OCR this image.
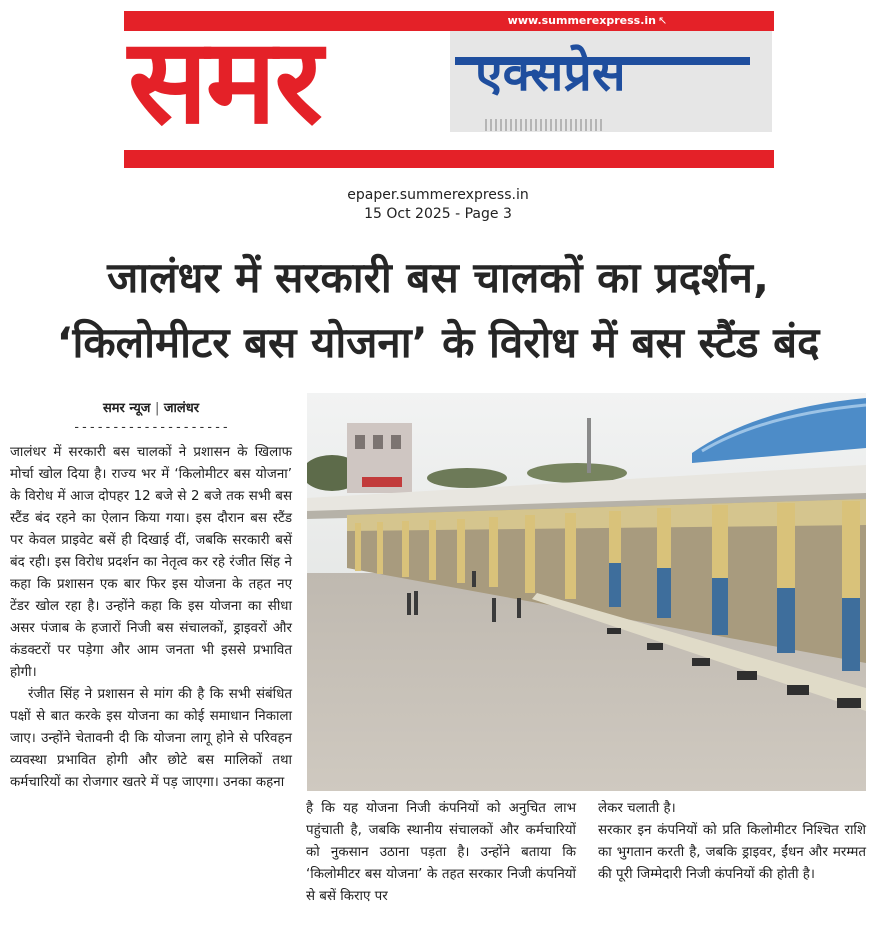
समर	एक्सप्रेस
www.summerexpress.in ↖
epaper.summerexpress.in
15 Oct 2025 - Page 3
जालंधर में सरकारी बस चालकों का प्रदर्शन,
‘किलोमीटर बस योजना’ के विरोध में बस स्टैंड बंद
समर न्यूज | जालंधर
--------------------

जालंधर में सरकारी बस चालकों ने प्रशासन के खिलाफ मोर्चा खोल दिया है। राज्य भर में ‘किलोमीटर बस योजना’ के विरोध में आज दोपहर 12 बजे से 2 बजे तक सभी बस स्टैंड बंद रहने का ऐलान किया गया। इस दौरान बस स्टैंड पर केवल प्राइवेट बसें ही दिखाई दीं, जबकि सरकारी बसें बंद रही। इस विरोध प्रदर्शन का नेतृत्व कर रहे रंजीत सिंह ने कहा कि प्रशासन एक बार फिर इस योजना के तहत नए टेंडर खोल रहा है। उन्होंने कहा कि इस योजना का सीधा असर पंजाब के हजारों निजी बस संचालकों, ड्राइवरों और कंडक्टरों पर पड़ेगा और आम जनता भी इससे प्रभावित होगी।

रंजीत सिंह ने प्रशासन से मांग की है कि सभी संबंधित पक्षों से बात करके इस योजना का कोई समाधान निकाला जाए। उन्होंने चेतावनी दी कि योजना लागू होने से परिवहन व्यवस्था प्रभावित होगी और छोटे बस मालिकों तथा कर्मचारियों का रोजगार खतरे में पड़ जाएगा। उनका कहना

है कि यह योजना निजी कंपनियों को अनुचित लाभ पहुंचाती है, जबकि स्थानीय संचालकों और कर्मचारियों को नुकसान उठाना पड़ता है। उन्होंने बताया कि ‘किलोमीटर बस योजना’ के तहत सरकार निजी कंपनियों से बसें किराए पर

लेकर चलाती है।

सरकार इन कंपनियों को प्रति किलोमीटर निश्चित राशि का भुगतान करती है, जबकि ड्राइवर, ईंधन और मरम्मत की पूरी जिम्मेदारी निजी कंपनियों की होती है।
